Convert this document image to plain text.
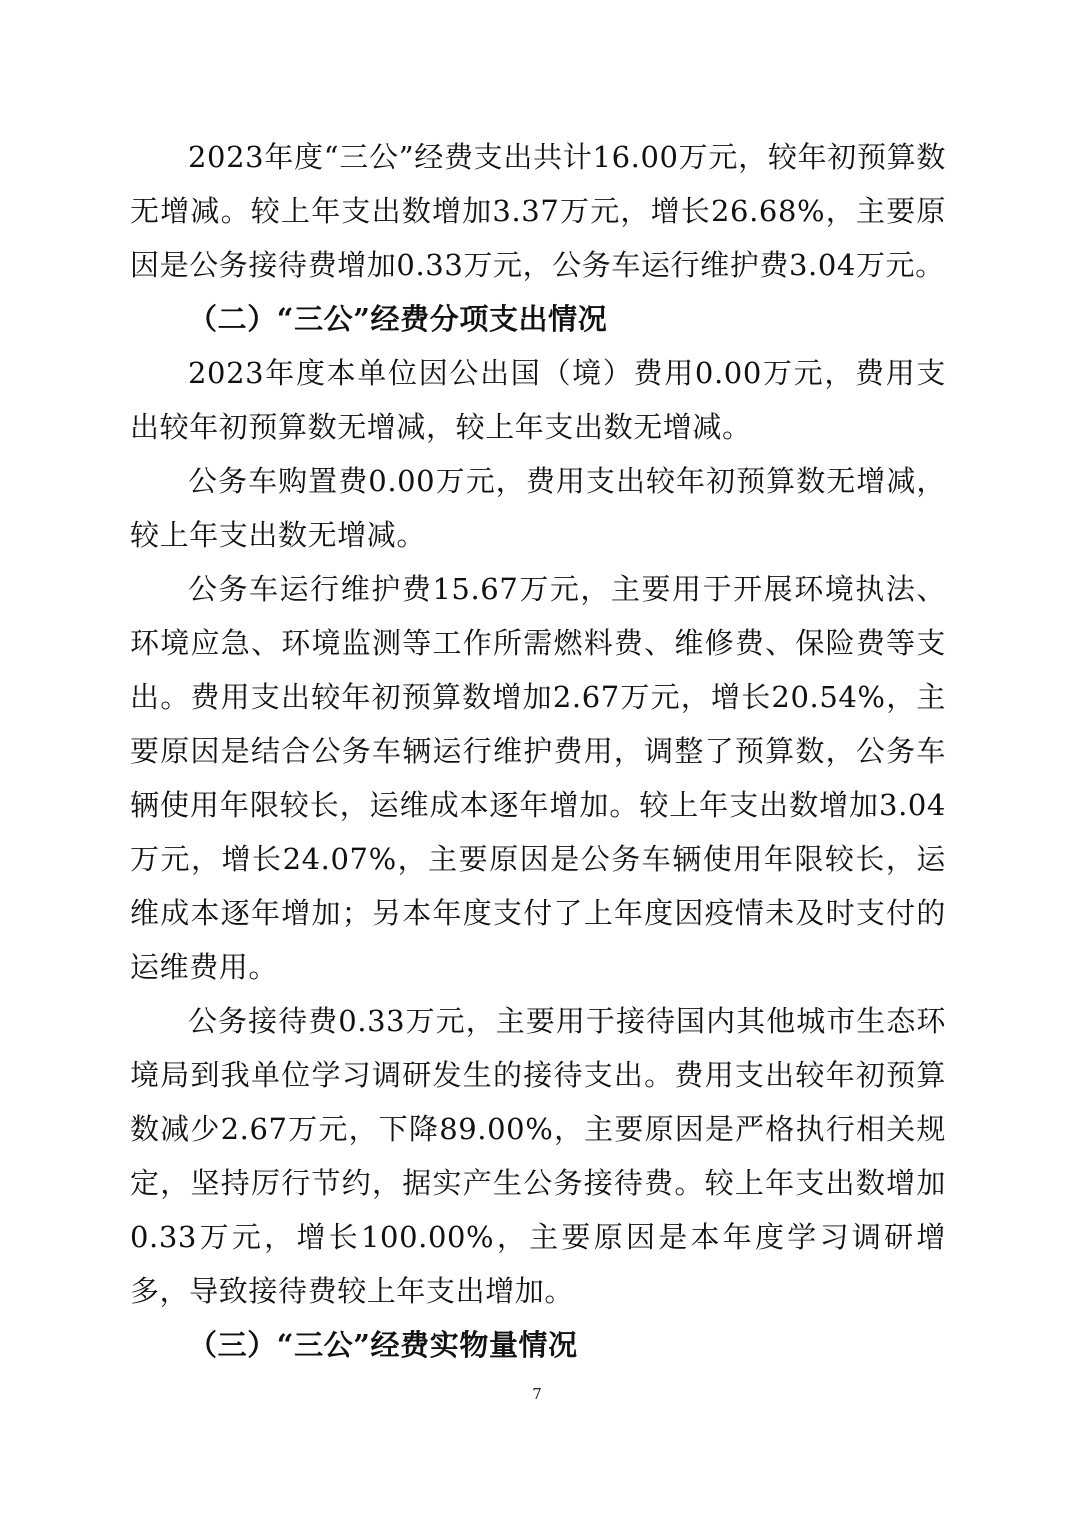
2023年度“三公”经费支出共计16.00万元，较年初预算数无增减。较上年支出数增加3.37万元，增长26.68%，主要原因是公务接待费增加0.33万元，公务车运行维护费3.04万元。

（二）“三公”经费分项支出情况

2023年度本单位因公出国（境）费用0.00万元，费用支出较年初预算数无增减，较上年支出数无增减。

公务车购置费0.00万元，费用支出较年初预算数无增减，较上年支出数无增减。

公务车运行维护费15.67万元，主要用于开展环境执法、环境应急、环境监测等工作所需燃料费、维修费、保险费等支出。费用支出较年初预算数增加2.67万元，增长20.54%，主要原因是结合公务车辆运行维护费用，调整了预算数，公务车辆使用年限较长，运维成本逐年增加。较上年支出数增加3.04万元，增长24.07%，主要原因是公务车辆使用年限较长，运维成本逐年增加；另本年度支付了上年度因疫情未及时支付的运维费用。

公务接待费0.33万元，主要用于接待国内其他城市生态环境局到我单位学习调研发生的接待支出。费用支出较年初预算数减少2.67万元，下降89.00%，主要原因是严格执行相关规定，坚持厉行节约，据实产生公务接待费。较上年支出数增加0.33万元，增长100.00%，主要原因是本年度学习调研增多，导致接待费较上年支出增加。

（三）“三公”经费实物量情况

7
